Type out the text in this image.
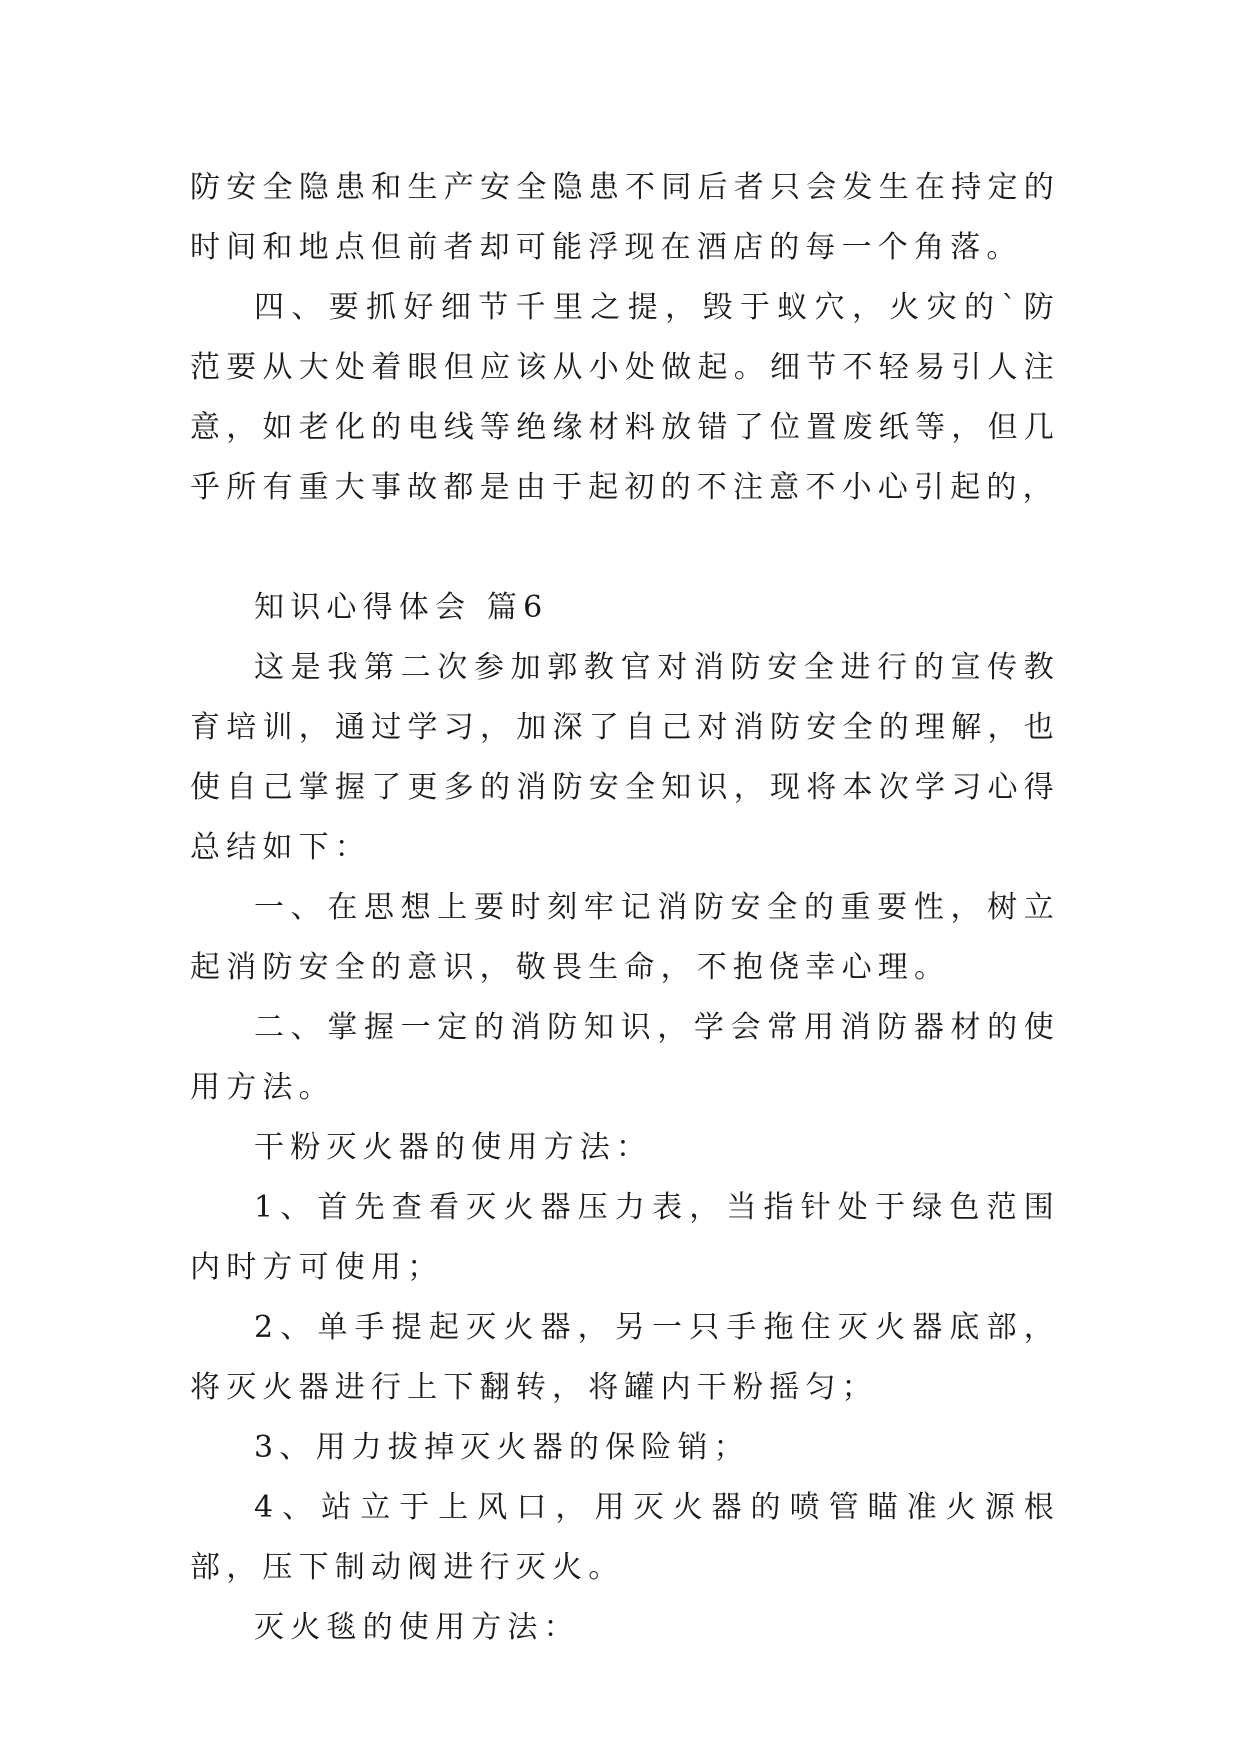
防安全隐患和生产安全隐患不同后者只会发生在持定的时间和地点但前者却可能浮现在酒店的每一个角落。

四、要抓好细节千里之提，毁于蚁穴，火灾的`防范要从大处着眼但应该从小处做起。细节不轻易引人注意，如老化的电线等绝缘材料放错了位置废纸等，但几乎所有重大事故都是由于起初的不注意不小心引起的，

知识心得体会 篇6

这是我第二次参加郭教官对消防安全进行的宣传教育培训，通过学习，加深了自己对消防安全的理解，也使自己掌握了更多的消防安全知识，现将本次学习心得总结如下：

一、在思想上要时刻牢记消防安全的重要性，树立起消防安全的意识，敬畏生命，不抱侥幸心理。

二、掌握一定的消防知识，学会常用消防器材的使用方法。

干粉灭火器的使用方法：

1、首先查看灭火器压力表，当指针处于绿色范围内时方可使用；

2、单手提起灭火器，另一只手拖住灭火器底部，将灭火器进行上下翻转，将罐内干粉摇匀；

3、用力拔掉灭火器的保险销；

4、站立于上风口，用灭火器的喷管瞄准火源根部，压下制动阀进行灭火。

灭火毯的使用方法：
